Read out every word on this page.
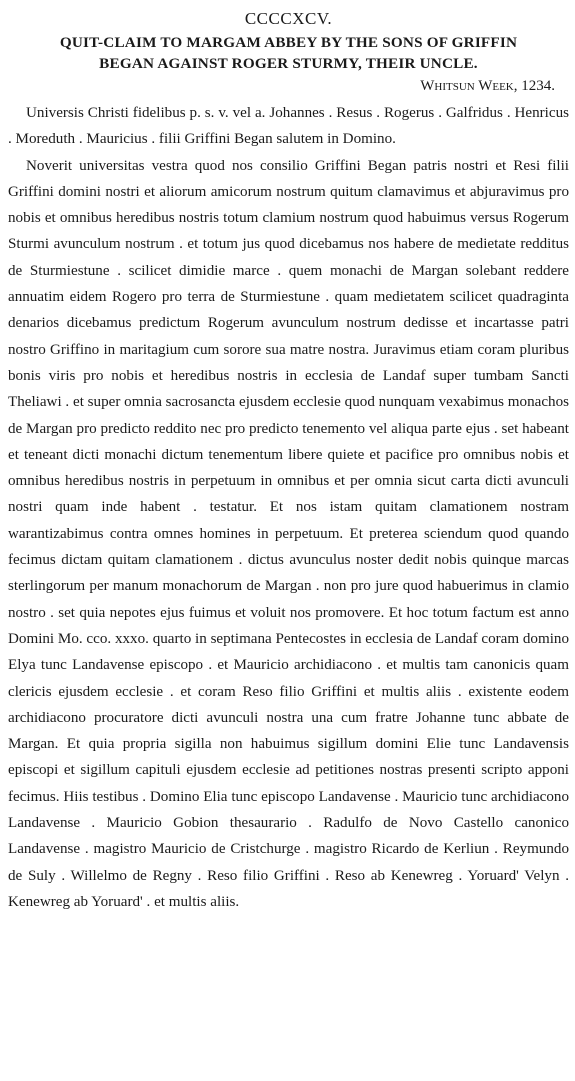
CCCCXCV.
QUIT-CLAIM TO MARGAM ABBEY BY THE SONS OF GRIFFIN
BEGAN AGAINST ROGER STURMY, THEIR UNCLE.
Whitsun Week, 1234.

Universis Christi fidelibus p. s. v. vel a. Johannes . Resus . Rogerus . Galfridus . Henricus . Moreduth . Mauricius . filii Griffini Began salutem in Domino.

Noverit universitas vestra quod nos consilio Griffini Began patris nostri et Resi filii Griffini domini nostri et aliorum amicorum nostrum quitum clamavimus et abjuravimus pro nobis et omnibus heredibus nostris totum clamium nostrum quod habuimus versus Rogerum Sturmi avunculum nostrum . et totum jus quod dicebamus nos habere de medietate redditus de Sturmiestune . scilicet dimidie marce . quem monachi de Margan solebant reddere annuatim eidem Rogero pro terra de Sturmiestune . quam medietatem scilicet quadraginta denarios dicebamus predictum Rogerum avunculum nostrum dedisse et incartasse patri nostro Griffino in maritagium cum sorore sua matre nostra. Juravimus etiam coram pluribus bonis viris pro nobis et heredibus nostris in ecclesia de Landaf super tumbam Sancti Theliawi . et super omnia sacrosancta ejusdem ecclesie quod nunquam vexabimus monachos de Margan pro predicto reddito nec pro predicto tenemento vel aliqua parte ejus . set habeant et teneant dicti monachi dictum tenementum libere quiete et pacifice pro omnibus nobis et omnibus heredibus nostris in perpetuum in omnibus et per omnia sicut carta dicti avunculi nostri quam inde habent . testatur. Et nos istam quitam clamationem nostram warantizabimus contra omnes homines in perpetuum. Et preterea sciendum quod quando fecimus dictam quitam clamationem . dictus avunculus noster dedit nobis quinque marcas sterlingorum per manum monachorum de Margan . non pro jure quod habuerimus in clamio nostro . set quia nepotes ejus fuimus et voluit nos promovere. Et hoc totum factum est anno Domini Mo. cco. xxxo. quarto in septimana Pentecostes in ecclesia de Landaf coram domino Elya tunc Landavense episcopo . et Mauricio archidiacono . et multis tam canonicis quam clericis ejusdem ecclesie . et coram Reso filio Griffini et multis aliis . existente eodem archidiacono procuratore dicti avunculi nostra una cum fratre Johanne tunc abbate de Margan. Et quia propria sigilla non habuimus sigillum domini Elie tunc Landavensis episcopi et sigillum capituli ejusdem ecclesie ad petitiones nostras presenti scripto apponi fecimus. Hiis testibus . Domino Elia tunc episcopo Landavense . Mauricio tunc archidiacono Landavense . Mauricio Gobion thesaurario . Radulfo de Novo Castello canonico Landavense . magistro Mauricio de Cristchurge . magistro Ricardo de Kerliun . Reymundo de Suly . Willelmo de Regny . Reso filio Griffini . Reso ab Kenewreg . Yoruard' Velyn . Kenewreg ab Yoruard' . et multis aliis.
